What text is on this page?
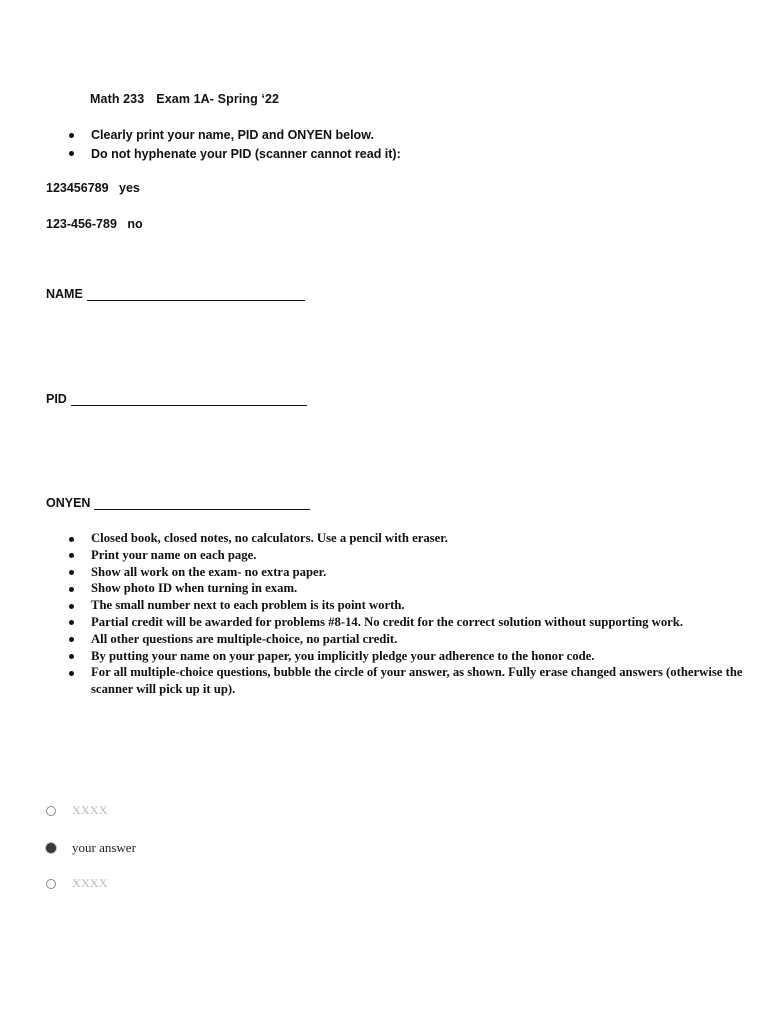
Math 233 Exam 1A- Spring ‘22
Clearly print your name, PID and ONYEN below.
Do not hyphenate your PID (scanner cannot read it):
123456789 yes
123-456-789 no
NAME
PID
ONYEN
Closed book, closed notes, no calculators. Use a pencil with eraser.
Print your name on each page.
Show all work on the exam- no extra paper.
Show photo ID when turning in exam.
The small number next to each problem is its point worth.
Partial credit will be awarded for problems #8-14. No credit for the correct solution without supporting work.
All other questions are multiple-choice, no partial credit.
By putting your name on your paper, you implicitly pledge your adherence to the honor code.
For all multiple-choice questions, bubble the circle of your answer, as shown. Fully erase changed answers (otherwise the scanner will pick up it up).
XXXX
your answer
XXXX
